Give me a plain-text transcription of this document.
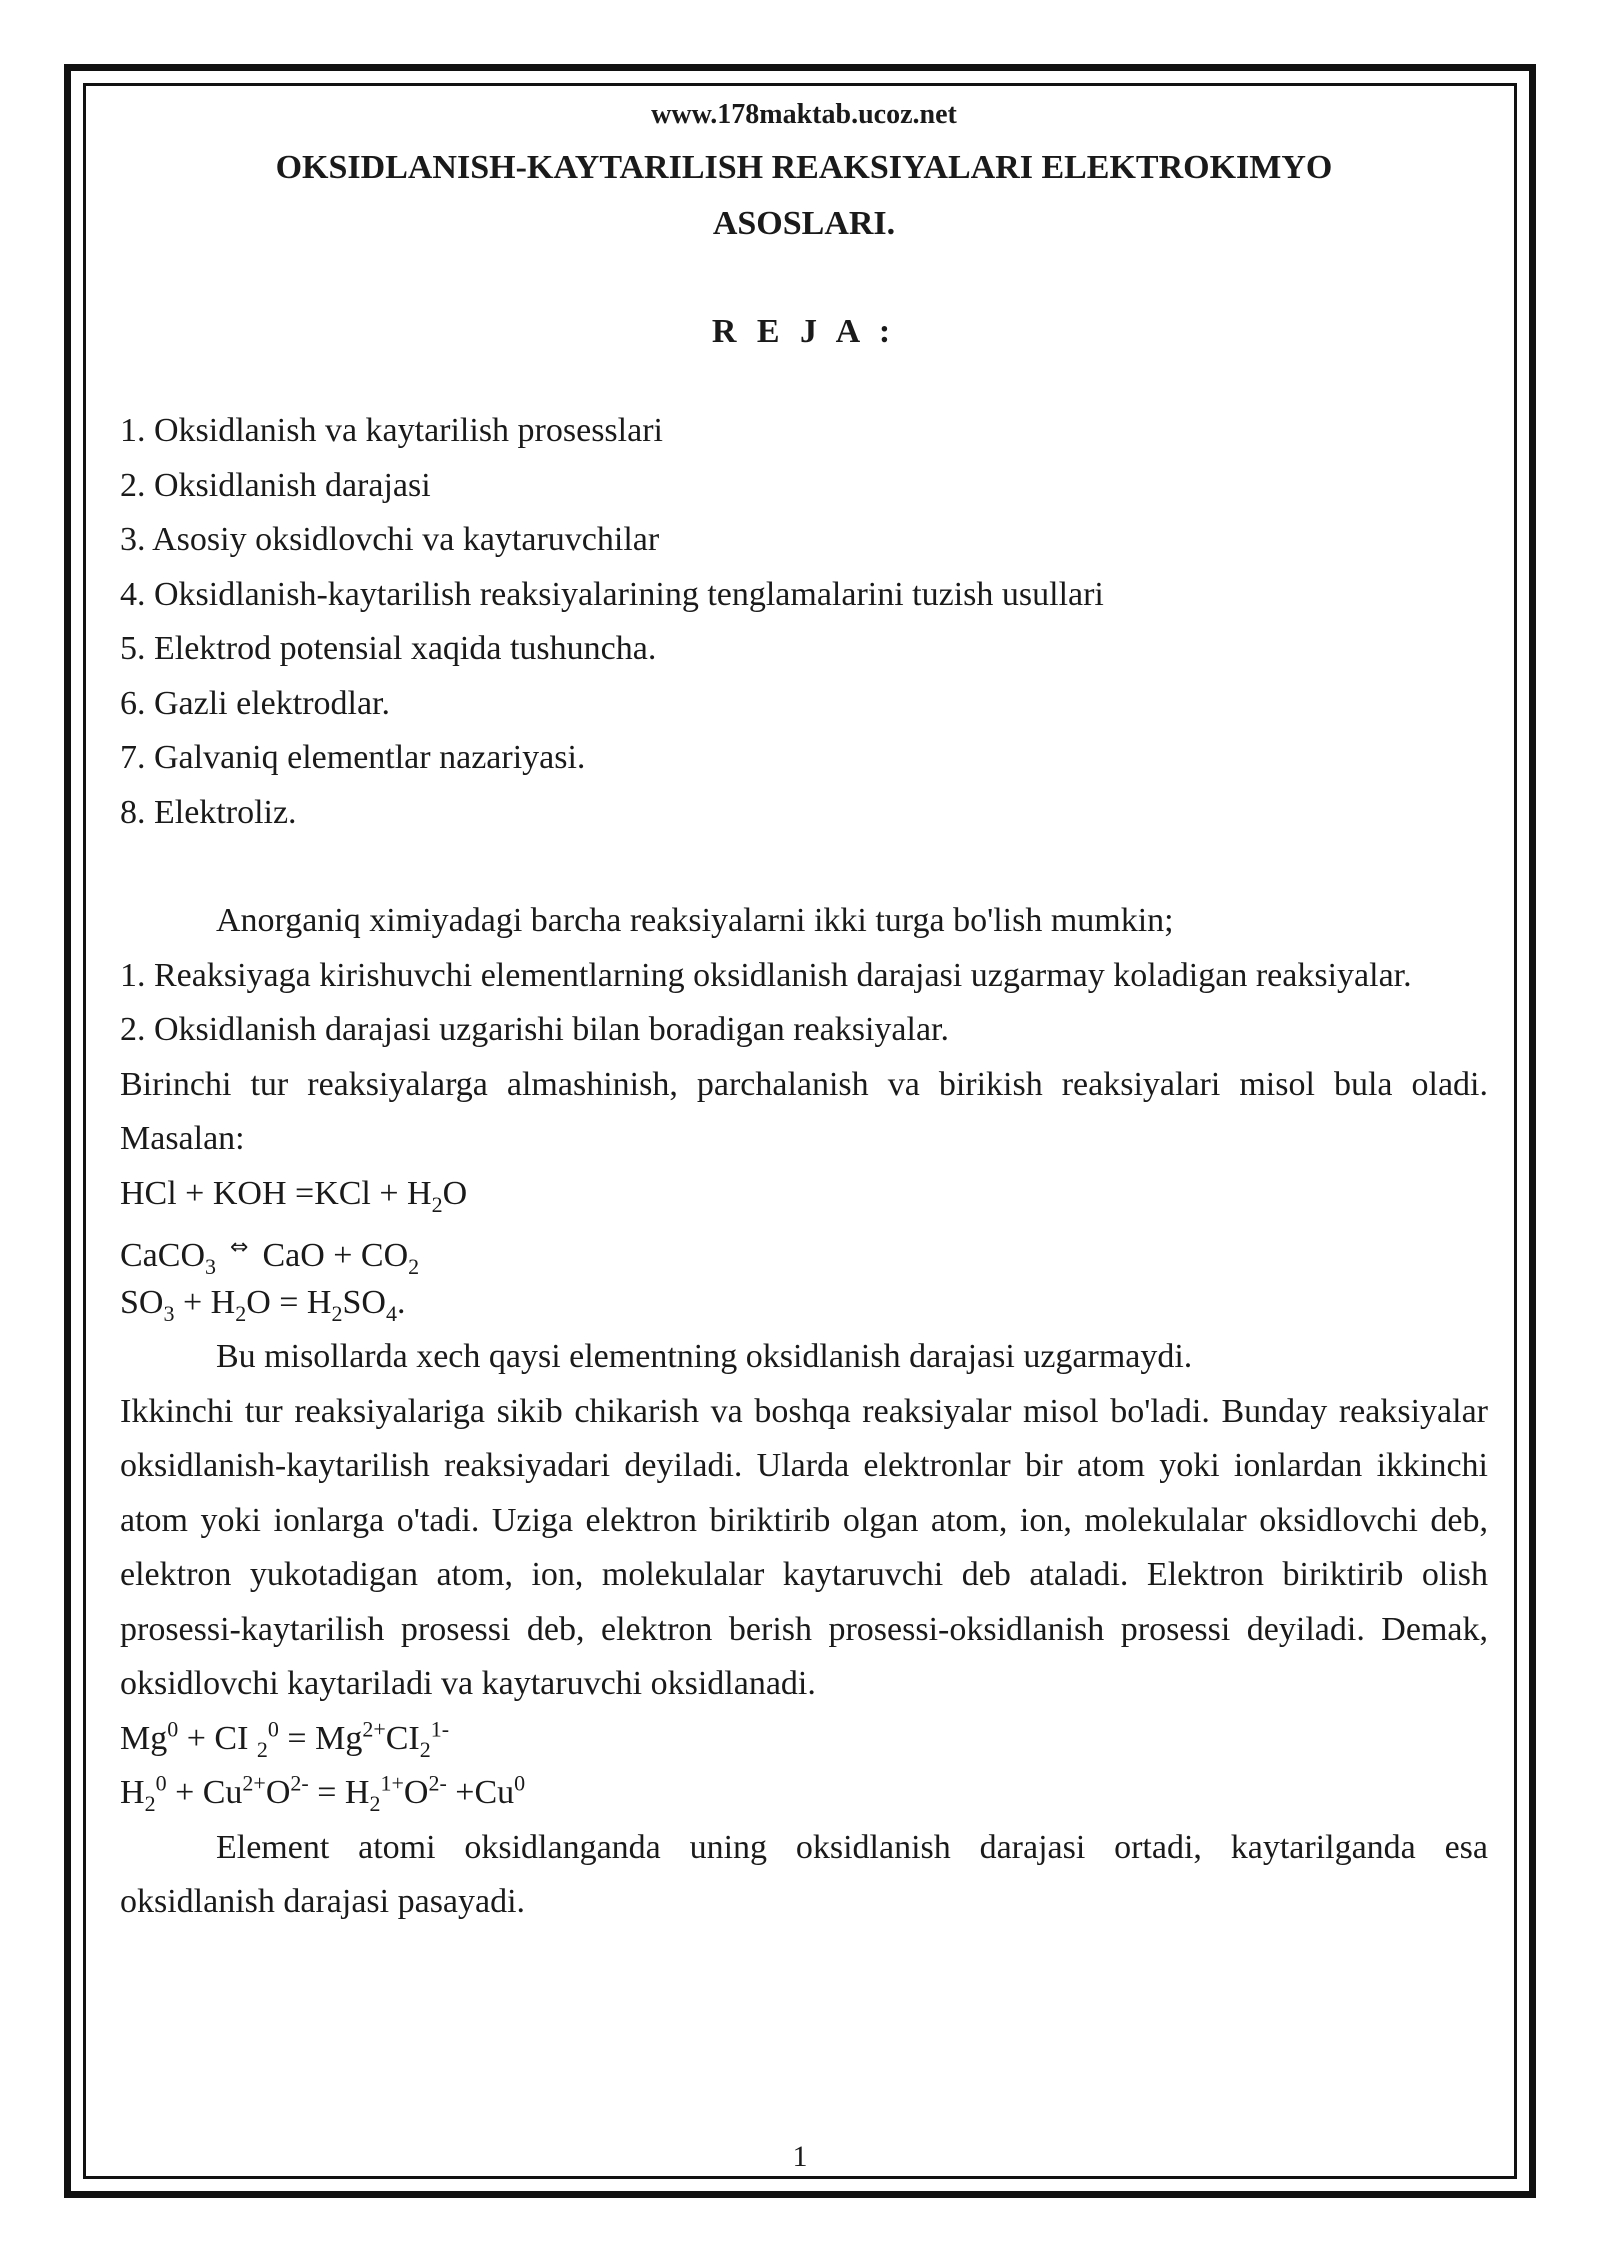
www.178maktab.ucoz.net
OKSIDLANISH-KAYTARILISH REAKSIYALARI ELEKTROKIMYO
ASOSLARI.
R E J A :
1. Oksidlanish va kaytarilish prosesslari
2. Oksidlanish darajasi
3. Asosiy oksidlovchi va kaytaruvchilar
4. Oksidlanish-kaytarilish reaksiyalarining tenglamalarini tuzish usullari
5. Elektrod potensial xaqida tushuncha.
6. Gazli elektrodlar.
7. Galvaniq elementlar nazariyasi.
8. Elektroliz.
Anorganiq ximiyadagi barcha reaksiyalarni ikki turga bo'lish mumkin;
1. Reaksiyaga kirishuvchi elementlarning oksidlanish darajasi uzgarmay koladigan reaksiyalar.
2. Oksidlanish darajasi uzgarishi bilan boradigan reaksiyalar.
Birinchi tur reaksiyalarga almashinish, parchalanish va birikish reaksiyalari misol bula oladi. Masalan:
HCl + KOH $=KCl + H_2O$
CaCO$_3$⇔ CaO + $CO_2$
$SO_3 + H_2O = H_2SO_4$.
Bu misollarda xech qaysi elementning oksidlanish darajasi uzgarmaydi.
Ikkinchi tur reaksiyalariga sikib chikarish va boshqa reaksiyalar misol bo'ladi. Bunday reaksiyalar oksidlanish-kaytarilish reaksiyadari deyiladi. Ularda elektronlar bir atom yoki ionlardan ikkinchi atom yoki ionlarga o'tadi. Uziga elektron biriktirib olgan atom, ion, molekulalar oksidlovchi deb, elektron yukotadigan atom, ion, molekulalar kaytaruvchi deb ataladi. Elektron biriktirib olish prosessi-kaytarilish prosessi deb, elektron berish prosessi-oksidlanish prosessi deyiladi. Demak, oksidlovchi kaytariladi va kaytaruvchi oksidlanadi.
$Mg^0$ + CI $_2^0 = Mg^{2+}CI_2^{1-}$
$H_2^0 + Cu^{2+}O^{2-} = H_2^{1+}O^{2-} +Cu^0$
Element atomi oksidlanganda uning oksidlanish darajasi ortadi, kaytarilganda esa oksidlanish darajasi pasayadi.
1
